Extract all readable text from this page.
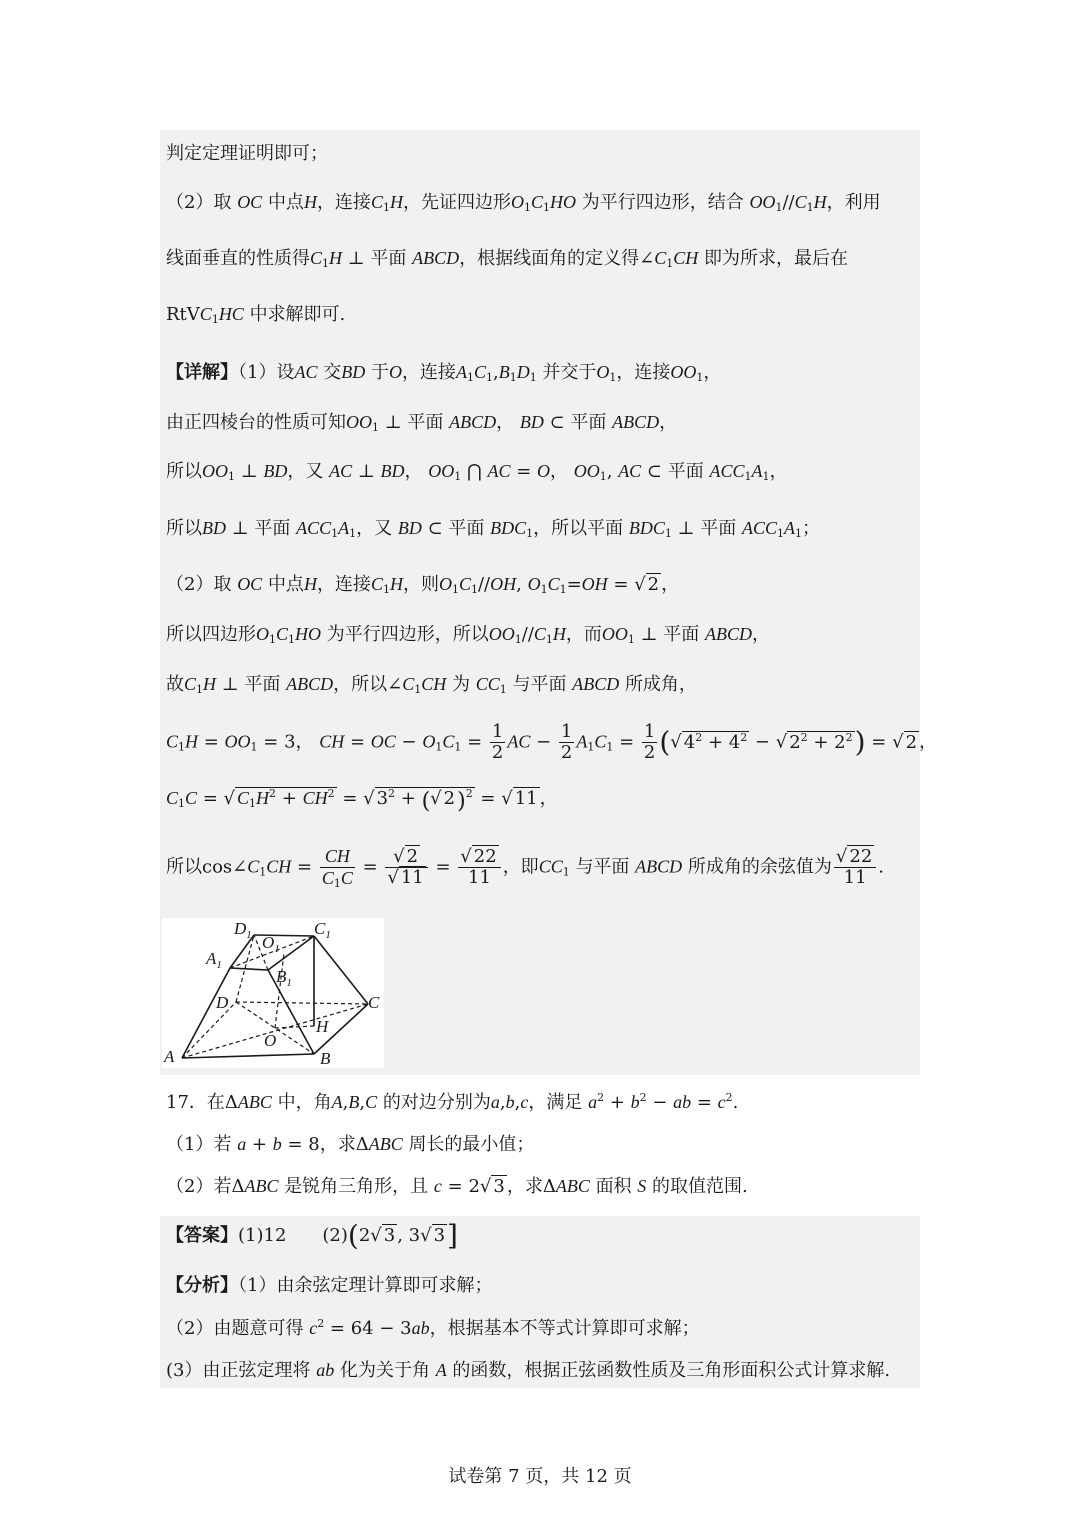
判定定理证明即可；
（2）取 OC 中点H，连接$C_1H$，先证四边形$O_1C_1HO$ 为平行四边形，结合 $OO_1//C_1H$，利用
线面垂直的性质得$C_1H$ ⊥ 平面 ABCD，根据线面角的定义得$\angle C_1CH$ 即为所求，最后在
RtVC$_1$HC 中求解即可.
【详解】（1）设AC 交BD 于O，连接$A_1C_1,B_1D_1$ 并交于$O_1$，连接$OO_1$，
由正四棱台的性质可知$OO_1$ ⊥ 平面 ABCD， BD ⊂ 平面 ABCD，
所以$OO_1$ ⊥ BD，又 AC ⊥ BD， $OO_1$ ⋂ AC = O， $OO_1$, AC ⊂ 平面 $ACC_1A_1$，
所以BD ⊥ 平面 $ACC_1A_1$，又 BD ⊂ 平面 $BDC_1$，所以平面 $BDC_1$ ⊥ 平面 $ACC_1A_1$；
（2）取 OC 中点H，连接$C_1H$，则$O_1C_1//OH$, $O_1C_1=OH$ = √ 2 ，
所以四边形$O_1C_1HO$ 为平行四边形，所以$OO_1//C_1H$，而$OO_1$ ⊥ 平面 ABCD，
故$C_1H$ ⊥ 平面 ABCD，所以$\angle C_1CH$ 为 $CC_1$ 与平面 ABCD 所成角，
$C_1H = OO_1 = 3$， CH = OC − $O_1C_1 = \frac{1}{2}$ AC − $\frac{1}{2} A_1C_1 = \frac{1}{2}$ (√ $4^2 + 4^2$ − √ $2^2 + 2^2$) = √ 2 ，
$C_1C$ = √ $C_1H^2 + CH^2$ = √ $3^2$ + (√ 2)$^2$ = √ 11 ，
所以$\cos\angle C_1CH = \frac{CH}{C_1C} = \frac{√ 2}{√ 11} = \frac{√ 22}{11}$ ，即$CC_1$ 与平面 ABCD 所成角的余弦值为 $\frac{√ 22}{11}$ .
$D_1$ $O_1$
$C_1$
$A_1$
$B_1$
D	C
H
O
A	B
17．在ΔABC 中，角A,B,C 的对边分别为a,b,c，满足 $a^2 + b^2$ − ab = $c^2$.
（1）若 a + b = 8，求ΔABC 周长的最小值；
（2）若ΔABC 是锐角三角形，且 c = 2√ 3 ，求ΔABC 面积 S 的取值范围.
【答案】(1)12 (2)(2√ 3 , 3√ 3]
【分析】（1）由余弦定理计算即可求解；
（2）由题意可得 $c^2 = 64 - 3ab$，根据基本不等式计算即可求解；
(3）由正弦定理将 ab 化为关于角 A 的函数，根据正弦函数性质及三角形面积公式计算求解.
试卷第 7 页，共 12 页
